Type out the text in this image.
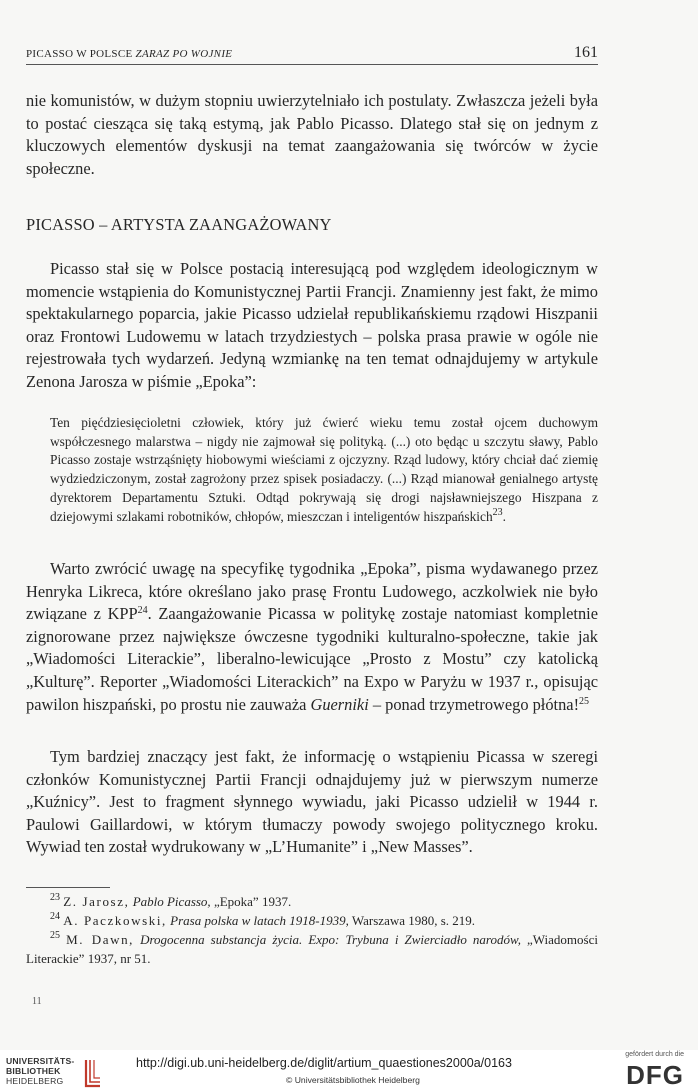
PICASSO W POLSCE ZARAZ PO WOJNIE	161

nie komunistów, w dużym stopniu uwierzytelniało ich postulaty. Zwłaszcza jeżeli była to postać ciesząca się taką estymą, jak Pablo Picasso. Dlatego stał się on jednym z kluczowych elementów dyskusji na temat zaangażowania się twórców w życie społeczne.

PICASSO – ARTYSTA ZAANGAŻOWANY

Picasso stał się w Polsce postacią interesującą pod względem ideologicznym w momencie wstąpienia do Komunistycznej Partii Francji. Znamienny jest fakt, że mimo spektakularnego poparcia, jakie Picasso udzielał republikańskiemu rządowi Hiszpanii oraz Frontowi Ludowemu w latach trzydziestych – polska prasa prawie w ogóle nie rejestrowała tych wydarzeń. Jedyną wzmiankę na ten temat odnajdujemy w artykule Zenona Jarosza w piśmie „Epoka”:

Ten pięćdziesięcioletni człowiek, który już ćwierć wieku temu został ojcem duchowym współczesnego malarstwa – nigdy nie zajmował się polityką. (...) oto będąc u szczytu sławy, Pablo Picasso zostaje wstrząśnięty hiobowymi wieściami z ojczyzny. Rząd ludowy, który chciał dać ziemię wydziedziczonym, został zagrożony przez spisek posiadaczy. (...) Rząd mianował genialnego artystę dyrektorem Departamentu Sztuki. Odtąd pokrywają się drogi najsławniejszego Hiszpana z dziejowymi szlakami robotników, chłopów, mieszczan i inteligentów hiszpańskich$^{23}$.

Warto zwrócić uwagę na specyfikę tygodnika „Epoka”, pisma wydawanego przez Henryka Likreca, które określano jako prasę Frontu Ludowego, aczkolwiek nie było związane z KPP$^{24}$. Zaangażowanie Picassa w politykę zostaje natomiast kompletnie zignorowane przez największe ówczesne tygodniki kulturalno-społeczne, takie jak „Wiadomości Literackie”, liberalno-lewicujące „Prosto z Mostu” czy katolicką „Kulturę”. Reporter „Wiadomości Literackich” na Expo w Paryżu w 1937 r., opisując pawilon hiszpański, po prostu nie zauważa Guerniki – ponad trzymetrowego płótna!$^{25}$

Tym bardziej znaczący jest fakt, że informację o wstąpieniu Picassa w szeregi członków Komunistycznej Partii Francji odnajdujemy już w pierwszym numerze „Kuźnicy”. Jest to fragment słynnego wywiadu, jaki Picasso udzielił w 1944 r. Paulowi Gaillardowi, w którym tłumaczy powody swojego politycznego kroku. Wywiad ten został wydrukowany w „L’Humanite” i „New Masses”.

$^{23}$ Z. Jarosz, Pablo Picasso, „Epoka” 1937.
$^{24}$ A. Paczkowski, Prasa polska w latach 1918-1939, Warszawa 1980, s. 219.
$^{25}$ M. Dawn, Drogocenna substancja życia. Expo: Trybuna i Zwierciadło narodów, „Wiadomości Literackie” 1937, nr 51.
11
UNIVERSITÄTS-
BIBLIOTHEK
HEIDELBERG
http://digi.ub.uni-heidelberg.de/diglit/artium_quaestiones2000a/0163
© Universitätsbibliothek Heidelberg
gefördert durch die
DFG
